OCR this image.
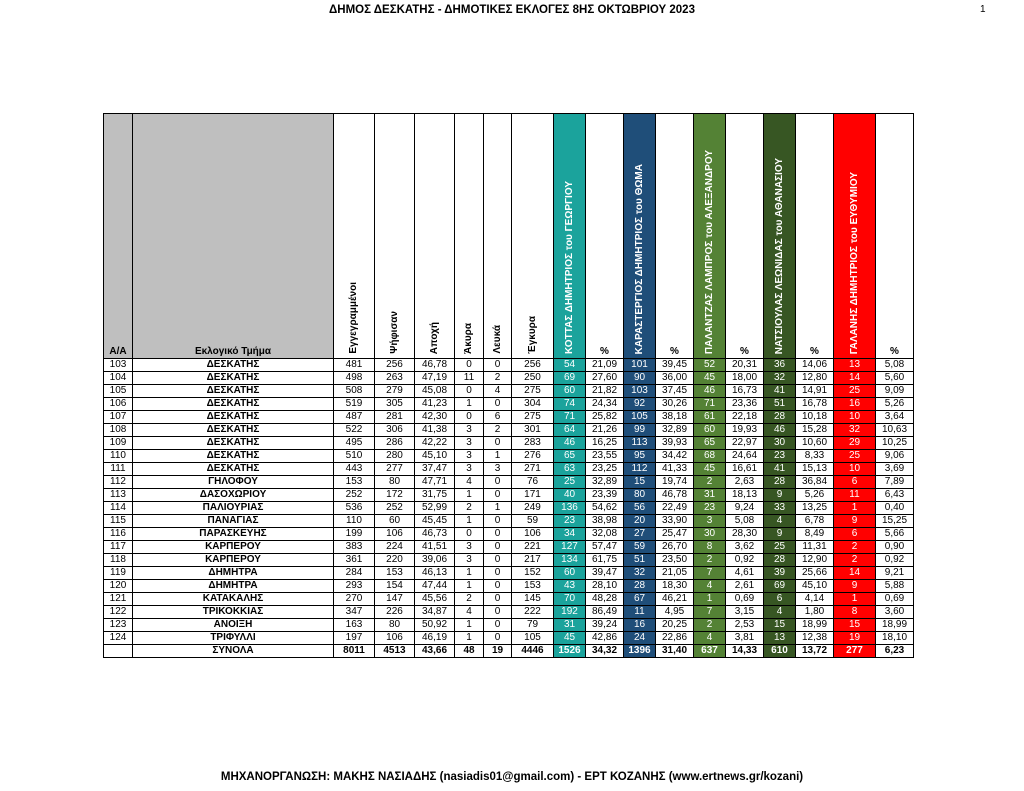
ΔΗΜΟΣ ΔΕΣΚΑΤΗΣ - ΔΗΜΟΤΙΚΕΣ ΕΚΛΟΓΕΣ 8ΗΣ ΟΚΤΩΒΡΙΟΥ 2023	1
Α/Α	Εκλογικό Τμήμα	Εγγεγραμμένοι	Ψήφισαν	Αποχή	Άκυρα	Λευκά	Έγκυρα	ΚΟΤΤΑΣ ΔΗΜΗΤΡΙΟΣ του ΓΕΩΡΓΙΟΥ	%	ΚΑΡΑΣΤΕΡΓΙΟΣ ΔΗΜΗΤΡΙΟΣ του ΘΩΜΑ	%	ΠΑΛΑΝΤΖΑΣ ΛΑΜΠΡΟΣ του ΑΛΕΞΑΝΔΡΟΥ	%	ΝΑΤΣΙΟΥΛΑΣ ΛΕΩΝΙΔΑΣ του ΑΘΑΝΑΣΙΟΥ	%	ΓΑΛΑΝΗΣ ΔΗΜΗΤΡΙΟΣ του ΕΥΘΥΜΙΟΥ	%
103	ΔΕΣΚΑΤΗΣ	481	256	46,78	0	0	256	54	21,09	101	39,45	52	20,31	36	14,06	13	5,08
104	ΔΕΣΚΑΤΗΣ	498	263	47,19	11	2	250	69	27,60	90	36,00	45	18,00	32	12,80	14	5,60
105	ΔΕΣΚΑΤΗΣ	508	279	45,08	0	4	275	60	21,82	103	37,45	46	16,73	41	14,91	25	9,09
106	ΔΕΣΚΑΤΗΣ	519	305	41,23	1	0	304	74	24,34	92	30,26	71	23,36	51	16,78	16	5,26
107	ΔΕΣΚΑΤΗΣ	487	281	42,30	0	6	275	71	25,82	105	38,18	61	22,18	28	10,18	10	3,64
108	ΔΕΣΚΑΤΗΣ	522	306	41,38	3	2	301	64	21,26	99	32,89	60	19,93	46	15,28	32	10,63
109	ΔΕΣΚΑΤΗΣ	495	286	42,22	3	0	283	46	16,25	113	39,93	65	22,97	30	10,60	29	10,25
110	ΔΕΣΚΑΤΗΣ	510	280	45,10	3	1	276	65	23,55	95	34,42	68	24,64	23	8,33	25	9,06
111	ΔΕΣΚΑΤΗΣ	443	277	37,47	3	3	271	63	23,25	112	41,33	45	16,61	41	15,13	10	3,69
112	ΓΗΛΟΦΟΥ	153	80	47,71	4	0	76	25	32,89	15	19,74	2	2,63	28	36,84	6	7,89
113	ΔΑΣΟΧΩΡΙΟΥ	252	172	31,75	1	0	171	40	23,39	80	46,78	31	18,13	9	5,26	11	6,43
114	ΠΑΛΙΟΥΡΙΑΣ	536	252	52,99	2	1	249	136	54,62	56	22,49	23	9,24	33	13,25	1	0,40
115	ΠΑΝΑΓΙΑΣ	110	60	45,45	1	0	59	23	38,98	20	33,90	3	5,08	4	6,78	9	15,25
116	ΠΑΡΑΣΚΕΥΗΣ	199	106	46,73	0	0	106	34	32,08	27	25,47	30	28,30	9	8,49	6	5,66
117	ΚΑΡΠΕΡΟΥ	383	224	41,51	3	0	221	127	57,47	59	26,70	8	3,62	25	11,31	2	0,90
118	ΚΑΡΠΕΡΟΥ	361	220	39,06	3	0	217	134	61,75	51	23,50	2	0,92	28	12,90	2	0,92
119	ΔΗΜΗΤΡΑ	284	153	46,13	1	0	152	60	39,47	32	21,05	7	4,61	39	25,66	14	9,21
120	ΔΗΜΗΤΡΑ	293	154	47,44	1	0	153	43	28,10	28	18,30	4	2,61	69	45,10	9	5,88
121	ΚΑΤΑΚΑΛΗΣ	270	147	45,56	2	0	145	70	48,28	67	46,21	1	0,69	6	4,14	1	0,69
122	ΤΡΙΚΟΚΚΙΑΣ	347	226	34,87	4	0	222	192	86,49	11	4,95	7	3,15	4	1,80	8	3,60
123	ΑΝΟΙΞΗ	163	80	50,92	1	0	79	31	39,24	16	20,25	2	2,53	15	18,99	15	18,99
124	ΤΡΙΦΥΛΛΙ	197	106	46,19	1	0	105	45	42,86	24	22,86	4	3,81	13	12,38	19	18,10
	ΣΥΝΟΛΑ	8011	4513	43,66	48	19	4446	1526	34,32	1396	31,40	637	14,33	610	13,72	277	6,23
ΜΗΧΑΝΟΡΓΑΝΩΣΗ: ΜΑΚΗΣ ΝΑΣΙΑΔΗΣ (nasiadis01@gmail.com) - ΕΡΤ ΚΟΖΑΝΗΣ (www.ertnews.gr/kozani)
